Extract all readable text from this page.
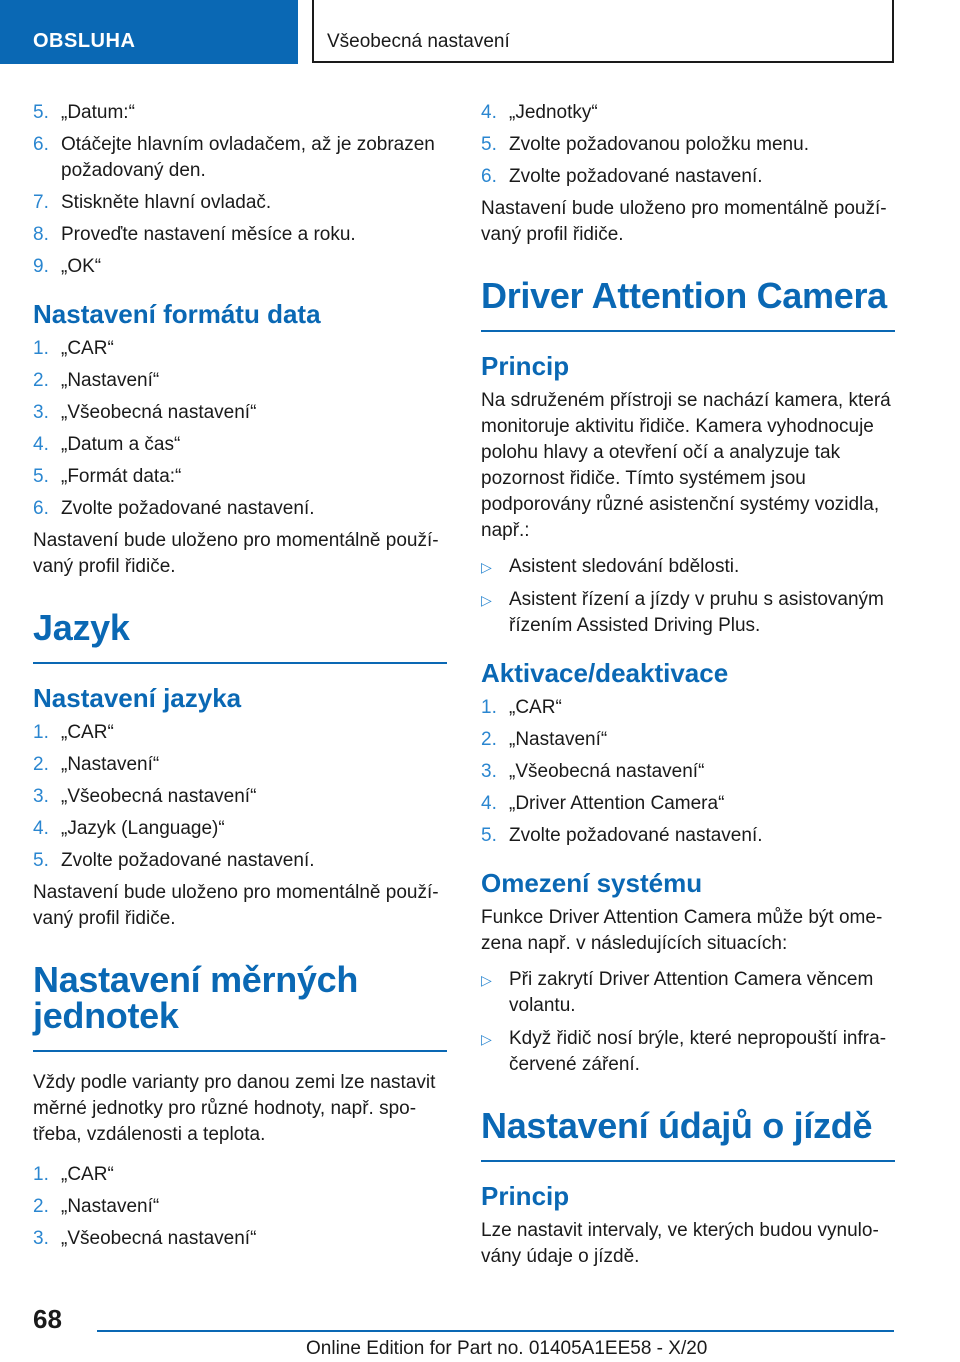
OBSLUHA	Všeobecná nastavení
5. „Datum:“
6. Otáčejte hlavním ovladačem, až je zobrazen požadovaný den.
7. Stiskněte hlavní ovladač.
8. Proveďte nastavení měsíce a roku.
9. „OK“
Nastavení formátu data
1. „CAR“
2. „Nastavení“
3. „Všeobecná nastavení“
4. „Datum a čas“
5. „Formát data:“
6. Zvolte požadované nastavení.

Nastavení bude uloženo pro momentálně používaný profil řidiče.

Jazyk
Nastavení jazyka
1. „CAR“
2. „Nastavení“
3. „Všeobecná nastavení“
4. „Jazyk (Language)“
5. Zvolte požadované nastavení.

Nastavení bude uloženo pro momentálně používaný profil řidiče.

Nastavení měrných jednotek

Vždy podle varianty pro danou zemi lze nastavit měrné jednotky pro různé hodnoty, např. spotřeba, vzdálenosti a teplota.

1. „CAR“
2. „Nastavení“
3. „Všeobecná nastavení“
4. „Jednotky“
5. Zvolte požadovanou položku menu.
6. Zvolte požadované nastavení.

Nastavení bude uloženo pro momentálně používaný profil řidiče.

Driver Attention Camera
Princip

Na sdruženém přístroji se nachází kamera, která monitoruje aktivitu řidiče. Kamera vyhodnocuje polohu hlavy a otevření očí a analyzuje tak pozornost řidiče. Tímto systémem jsou podporovány různé asistenční systémy vozidla, např.:

▷ Asistent sledování bdělosti.
▷ Asistent řízení a jízdy v pruhu s asistovaným řízením Assisted Driving Plus.
Aktivace/deaktivace
1. „CAR“
2. „Nastavení“
3. „Všeobecná nastavení“
4. „Driver Attention Camera“
5. Zvolte požadované nastavení.
Omezení systému

Funkce Driver Attention Camera může být omezena např. v následujících situacích:

▷ Při zakrytí Driver Attention Camera věncem volantu.
▷ Když řidič nosí brýle, které nepropouští infračervené záření.
Nastavení údajů o jízdě
Princip

Lze nastavit intervaly, ve kterých budou vynulovány údaje o jízdě.

68
Online Edition for Part no. 01405A1EE58 - X/20
